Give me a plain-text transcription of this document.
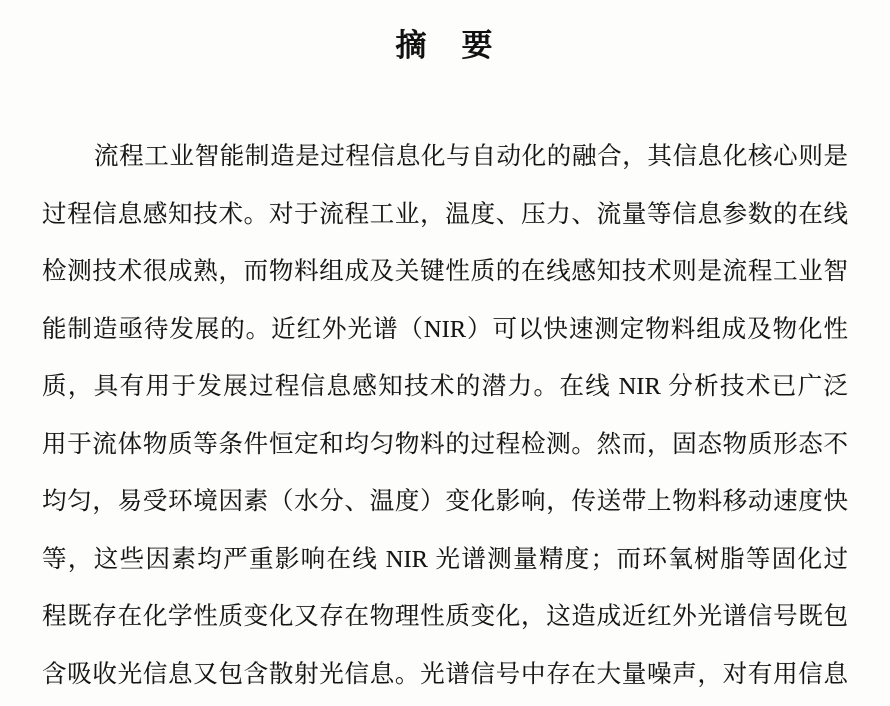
摘　要
流程工业智能制造是过程信息化与自动化的融合，其信息化核心则是
过程信息感知技术。对于流程工业，温度、压力、流量等信息参数的在线
检测技术很成熟，而物料组成及关键性质的在线感知技术则是流程工业智
能制造亟待发展的。近红外光谱（NIR）可以快速测定物料组成及物化性
质，具有用于发展过程信息感知技术的潜力。在线 NIR 分析技术已广泛
用于流体物质等条件恒定和均匀物料的过程检测。然而，固态物质形态不
均匀，易受环境因素（水分、温度）变化影响，传送带上物料移动速度快
等，这些因素均严重影响在线 NIR 光谱测量精度；而环氧树脂等固化过
程既存在化学性质变化又存在物理性质变化，这造成近红外光谱信号既包
含吸收光信息又包含散射光信息。光谱信号中存在大量噪声，对有用信息
